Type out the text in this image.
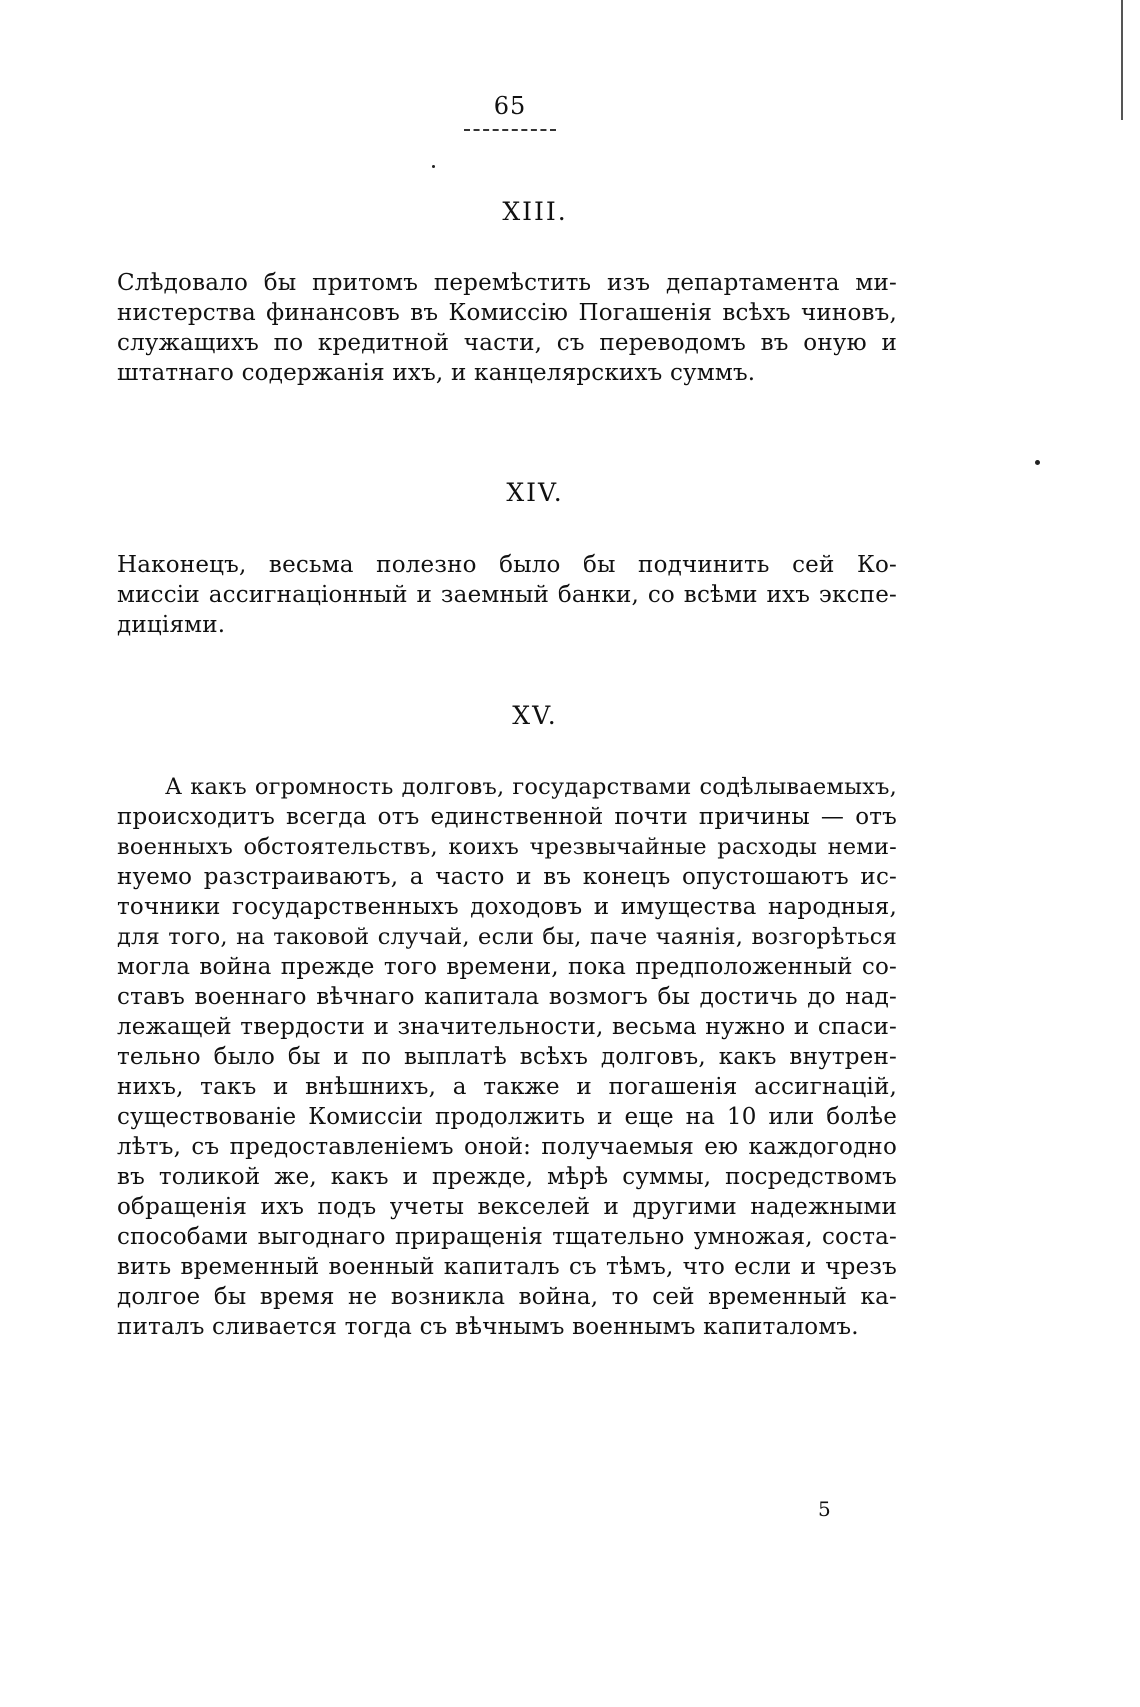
65
XIII.
Слѣдовало бы притомъ перемѣстить изъ департамента ми-
нистерства финансовъ въ Комиссію Погашенія всѣхъ чиновъ,
служащихъ по кредитной части, съ переводомъ въ оную и
штатнаго содержанія ихъ, и канцелярскихъ суммъ.
XIV.
Наконецъ, весьма полезно было бы подчинить сей Ко-
миссіи ассигнаціонный и заемный банки, со всѣми ихъ экспе-
диціями.
XV.
А какъ огромность долговъ, государствами содѣлываемыхъ,
происходитъ всегда отъ единственной почти причины — отъ
военныхъ обстоятельствъ, коихъ чрезвычайные расходы неми-
нуемо разстраиваютъ, а часто и въ конецъ опустошаютъ ис-
точники государственныхъ доходовъ и имущества народныя,
для того, на таковой случай, если бы, паче чаянія, возгорѣться
могла война прежде того времени, пока предположенный со-
ставъ военнаго вѣчнаго капитала возмогъ бы достичь до над-
лежащей твердости и значительности, весьма нужно и спаси-
тельно было бы и по выплатѣ всѣхъ долговъ, какъ внутрен-
нихъ, такъ и внѣшнихъ, а также и погашенія ассигнацій,
существованіе Комиссіи продолжить и еще на 10 или болѣе
лѣтъ, съ предоставленіемъ оной: получаемыя ею каждогодно
въ толикой же, какъ и прежде, мѣрѣ суммы, посредствомъ
обращенія ихъ подъ учеты векселей и другими надежными
способами выгоднаго приращенія тщательно умножая, соста-
вить временный военный капиталъ съ тѣмъ, что если и чрезъ
долгое бы время не возникла война, то сей временный ка-
питалъ сливается тогда съ вѣчнымъ военнымъ капиталомъ.
5
